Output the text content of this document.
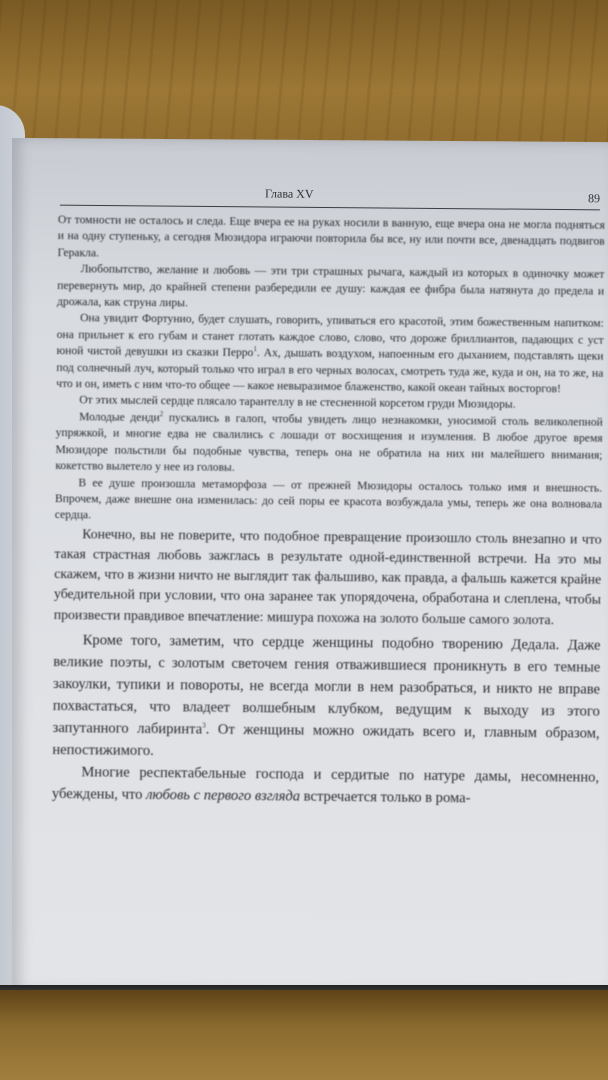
Глава XV	89

От томности не осталось и следа. Еще вчера ее на руках носили в ванную, еще вчера она не могла подняться и на одну ступеньку, а сегодня Мюзидора играючи повторила бы все, ну или почти все, двенадцать подвигов Геракла.

Любопытство, желание и любовь — эти три страшных рычага, каждый из которых в одиночку может перевернуть мир, до крайней степени разбередили ее душу: каждая ее фибра была натянута до предела и дрожала, как струна лиры.

Она увидит Фортунио, будет слушать, говорить, упиваться его красотой, этим божественным напитком: она прильнет к его губам и станет глотать каждое слово, слово, что дороже бриллиантов, падающих с уст юной чистой девушки из сказки Перро$^1$. Ах, дышать воздухом, напоенным его дыханием, подставлять щеки под солнечный луч, который только что играл в его черных волосах, смотреть туда же, куда и он, на то же, на что и он, иметь с ним что-то общее — какое невыразимое блаженство, какой океан тайных восторгов!

От этих мыслей сердце плясало тарантеллу в не стесненной корсетом груди Мюзидоры.

Молодые денди$^2$ пускались в галоп, чтобы увидеть лицо незнакомки, уносимой столь великолепной упряжкой, и многие едва не свалились с лошади от восхищения и изумления. В любое другое время Мюзидоре польстили бы подобные чувства, теперь она не обратила на них ни малейшего внимания; кокетство вылетело у нее из головы.

В ее душе произошла метаморфоза — от прежней Мюзидоры осталось только имя и внешность. Впрочем, даже внешне она изменилась: до сей поры ее красота возбуждала умы, теперь же она волновала сердца.

Конечно, вы не поверите, что подобное превращение произошло столь внезапно и что такая страстная любовь зажглась в результате одной-единственной встречи. На это мы скажем, что в жизни ничто не выглядит так фальшиво, как правда, а фальшь кажется крайне убедительной при условии, что она заранее так упорядочена, обработана и слеплена, чтобы произвести правдивое впечатление: мишура похожа на золото больше самого золота.

Кроме того, заметим, что сердце женщины подобно творению Дедала. Даже великие поэты, с золотым светочем гения отважившиеся проникнуть в его темные закоулки, тупики и повороты, не всегда могли в нем разобраться, и никто не вправе похвастаться, что владеет волшебным клубком, ведущим к выходу из этого запутанного лабиринта$^3$. От женщины можно ожидать всего и, главным образом, непостижимого.

Многие респектабельные господа и сердитые по натуре дамы, несомненно, убеждены, что любовь с первого взгляда встречается только в рома-
